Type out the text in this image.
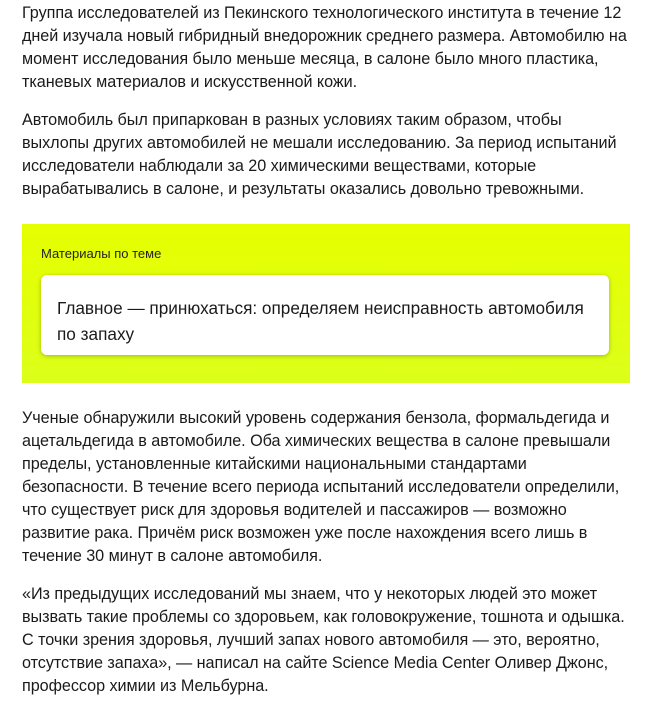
Группа исследователей из Пекинского технологического института в течение 12 дней изучала новый гибридный внедорожник среднего размера. Автомобилю на момент исследования было меньше месяца, в салоне было много пластика, тканевых материалов и искусственной кожи.

Автомобиль был припаркован в разных условиях таким образом, чтобы выхлопы других автомобилей не мешали исследованию. За период испытаний исследователи наблюдали за 20 химическими веществами, которые вырабатывались в салоне, и результаты оказались довольно тревожными.

Материалы по теме

Главное — принюхаться: определяем неисправность автомобиля по запаху

Ученые обнаружили высокий уровень содержания бензола, формальдегида и ацетальдегида в автомобиле. Оба химических вещества в салоне превышали пределы, установленные китайскими национальными стандартами безопасности. В течение всего периода испытаний исследователи определили, что существует риск для здоровья водителей и пассажиров — возможно развитие рака. Причём риск возможен уже после нахождения всего лишь в течение 30 минут в салоне автомобиля.

«Из предыдущих исследований мы знаем, что у некоторых людей это может вызвать такие проблемы со здоровьем, как головокружение, тошнота и одышка. С точки зрения здоровья, лучший запах нового автомобиля — это, вероятно, отсутствие запаха», — написал на сайте Science Media Center Оливер Джонс, профессор химии из Мельбурна.
